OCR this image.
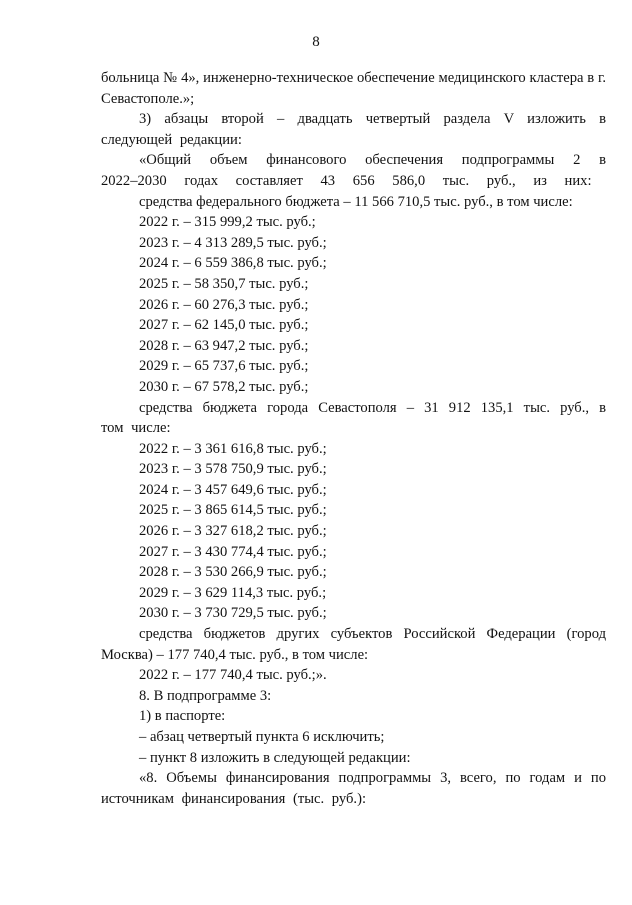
8

больница № 4», инженерно-техническое обеспечение медицинского кластера в г. Севастополе.»;

3) абзацы второй – двадцать четвертый раздела V изложить в следующей редакции:

«Общий объем финансового обеспечения подпрограммы 2 в 2022–2030 годах составляет 43 656 586,0 тыс. руб., из них:

средства федерального бюджета – 11 566 710,5 тыс. руб., в том числе:

2022 г. – 315 999,2 тыс. руб.;

2023 г. – 4 313 289,5 тыс. руб.;

2024 г. – 6 559 386,8 тыс. руб.;

2025 г. – 58 350,7 тыс. руб.;

2026 г. – 60 276,3 тыс. руб.;

2027 г. – 62 145,0 тыс. руб.;

2028 г. – 63 947,2 тыс. руб.;

2029 г. – 65 737,6 тыс. руб.;

2030 г. – 67 578,2 тыс. руб.;

средства бюджета города Севастополя – 31 912 135,1 тыс. руб., в том числе:

2022 г. – 3 361 616,8 тыс. руб.;

2023 г. – 3 578 750,9 тыс. руб.;

2024 г. – 3 457 649,6 тыс. руб.;

2025 г. – 3 865 614,5 тыс. руб.;

2026 г. – 3 327 618,2 тыс. руб.;

2027 г. – 3 430 774,4 тыс. руб.;

2028 г. – 3 530 266,9 тыс. руб.;

2029 г. – 3 629 114,3 тыс. руб.;

2030 г. – 3 730 729,5 тыс. руб.;

средства бюджетов других субъектов Российской Федерации (город Москва) – 177 740,4 тыс. руб., в том числе:

2022 г. – 177 740,4 тыс. руб.;».

8. В подпрограмме 3:

1) в паспорте:

– абзац четвертый пункта 6 исключить;

– пункт 8 изложить в следующей редакции:

«8. Объемы финансирования подпрограммы 3, всего, по годам и по источникам финансирования (тыс. руб.):
